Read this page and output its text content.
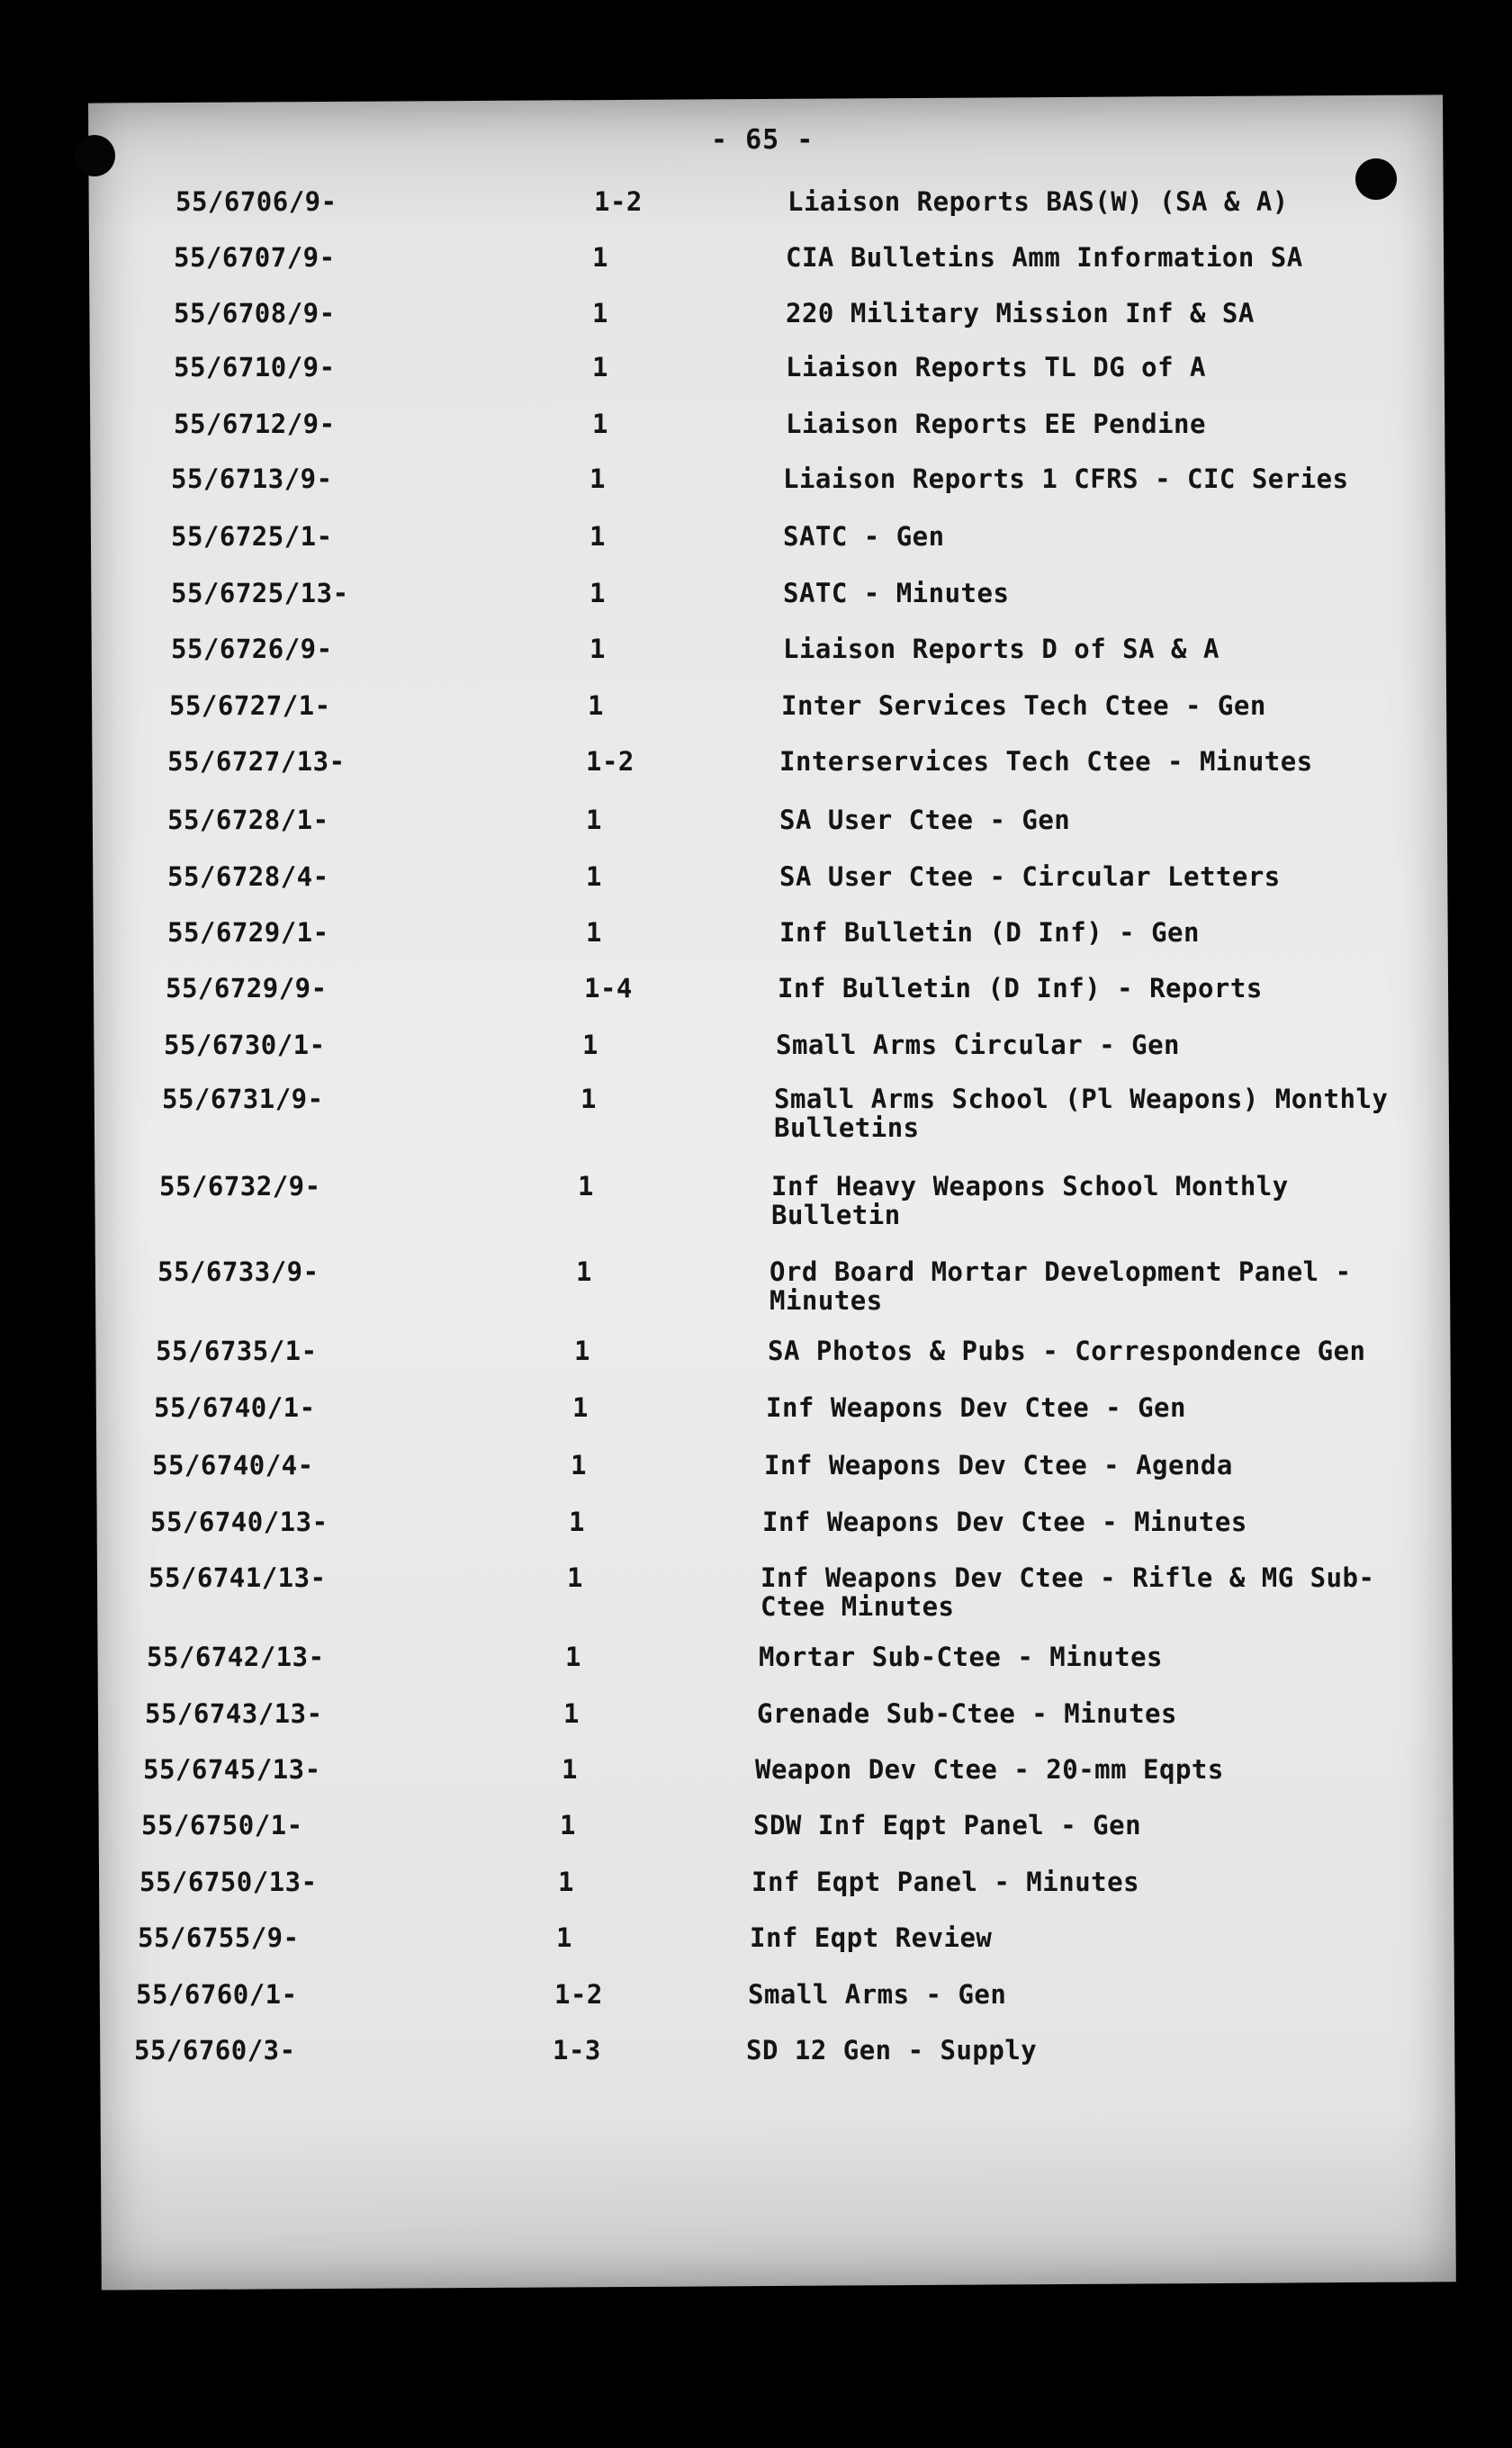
- 65 -
55/6706/9-	1-2	Liaison Reports BAS(W) (SA & A)
55/6707/9-	1	CIA Bulletins Amm Information SA
55/6708/9-	1	220 Military Mission Inf & SA
55/6710/9-	1	Liaison Reports TL DG of A
55/6712/9-	1	Liaison Reports EE Pendine
55/6713/9-	1	Liaison Reports 1 CFRS - CIC Series
55/6725/1-	1	SATC - Gen
55/6725/13-	1	SATC - Minutes
55/6726/9-	1	Liaison Reports D of SA & A
55/6727/1-	1	Inter Services Tech Ctee - Gen
55/6727/13-	1-2	Interservices Tech Ctee - Minutes
55/6728/1-	1	SA User Ctee - Gen
55/6728/4-	1	SA User Ctee - Circular Letters
55/6729/1-	1	Inf Bulletin (D Inf) - Gen
55/6729/9-	1-4	Inf Bulletin (D Inf) - Reports
55/6730/1-	1	Small Arms Circular - Gen
55/6731/9-	1	Small Arms School (Pl Weapons) Monthly Bulletins
55/6732/9-	1	Inf Heavy Weapons School Monthly Bulletin
55/6733/9-	1	Ord Board Mortar Development Panel - Minutes
55/6735/1-	1	SA Photos & Pubs - Correspondence Gen
55/6740/1-	1	Inf Weapons Dev Ctee - Gen
55/6740/4-	1	Inf Weapons Dev Ctee - Agenda
55/6740/13-	1	Inf Weapons Dev Ctee - Minutes
55/6741/13-	1	Inf Weapons Dev Ctee - Rifle & MG Sub-Ctee Minutes
55/6742/13-	1	Mortar Sub-Ctee - Minutes
55/6743/13-	1	Grenade Sub-Ctee - Minutes
55/6745/13-	1	Weapon Dev Ctee - 20-mm Eqpts
55/6750/1-	1	SDW Inf Eqpt Panel - Gen
55/6750/13-	1	Inf Eqpt Panel - Minutes
55/6755/9-	1	Inf Eqpt Review
55/6760/1-	1-2	Small Arms - Gen
55/6760/3-	1-3	SD 12 Gen - Supply
